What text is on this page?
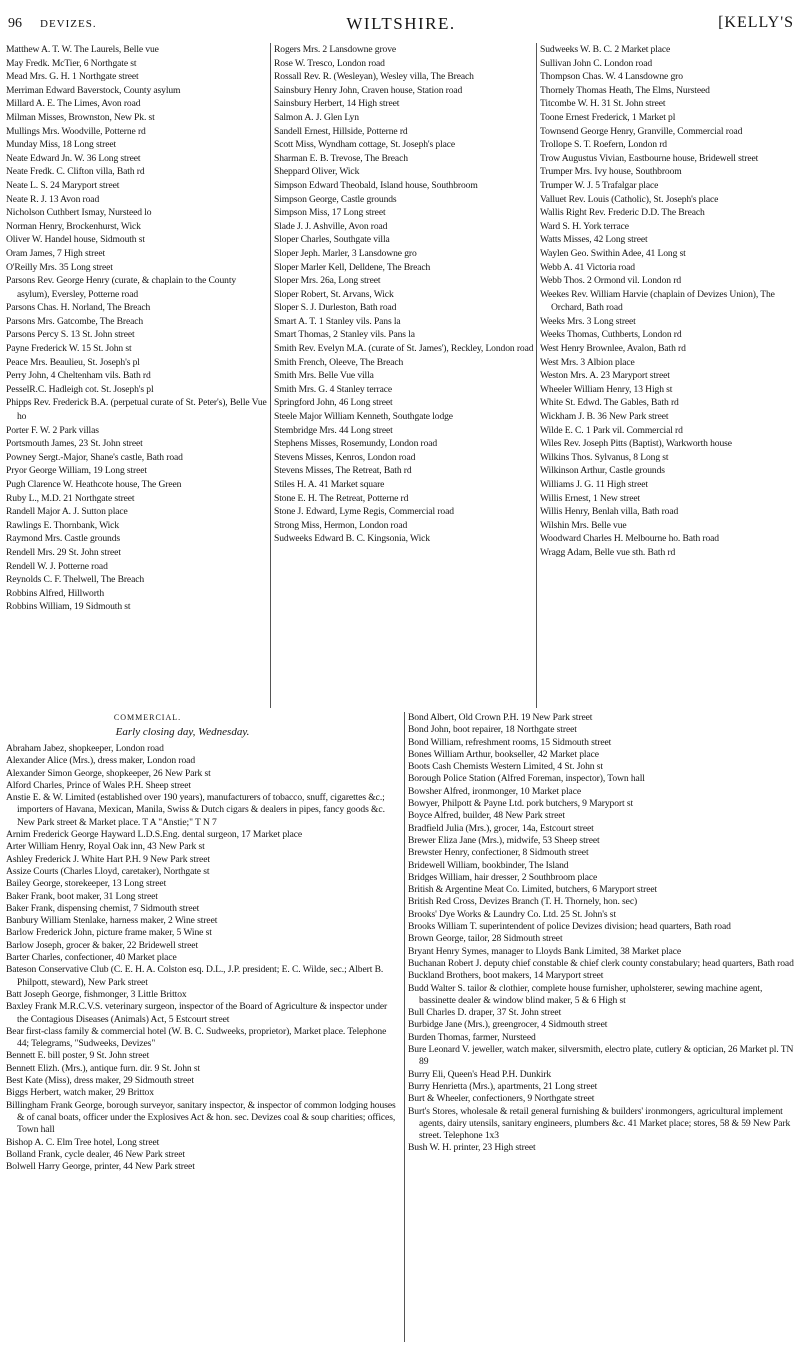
96 DEVIZES.	WILTSHIRE.	[KELLY'S
Matthew A. T. W. The Laurels, Belle vue
May Fredk. McTier, 6 Northgate st
Mead Mrs. G. H. 1 Northgate street
Merriman Edward Baverstock, County asylum
Millard A. E. The Limes, Avon road
Milman Misses, Brownston, New Pk. st
Mullings Mrs. Woodville, Potterne rd
Munday Miss, 18 Long street
Neate Edward Jn. W. 36 Long street
Neate Fredk. C. Clifton villa, Bath rd
Neate L. S. 24 Maryport street
Neate R. J. 13 Avon road
Nicholson Cuthbert Ismay, Nursteed lo
Norman Henry, Brockenhurst, Wick
Oliver W. Handel house, Sidmouth st
Oram James, 7 High street
O'Reilly Mrs. 35 Long street
Parsons Rev. George Henry (curate, & chaplain to the County asylum), Eversley, Potterne road
Parsons Chas. H. Norland, The Breach
Parsons Mrs. Gatcombe, The Breach
Parsons Percy S. 13 St. John street
Payne Frederick W. 15 St. John st
Peace Mrs. Beaulieu, St. Joseph's pl
Perry John, 4 Cheltenham vils. Bath rd
PesselR.C. Hadleigh cot. St. Joseph's pl
Phipps Rev. Frederick B.A. (perpetual curate of St. Peter's), Belle Vue ho
Porter F. W. 2 Park villas
Portsmouth James, 23 St. John street
Powney Sergt.-Major, Shane's castle, Bath road
Pryor George William, 19 Long street
Pugh Clarence W. Heathcote house, The Green
Ruby L., M.D. 21 Northgate street
Randell Major A. J. Sutton place
Rawlings E. Thornbank, Wick
Raymond Mrs. Castle grounds
Rendell Mrs. 29 St. John street
Rendell W. J. Potterne road
Reynolds C. F. Thelwell, The Breach
Robbins Alfred, Hillworth
Robbins William, 19 Sidmouth st
Rogers Mrs. 2 Lansdowne grove
Rose W. Tresco, London road
Rossall Rev. R. (Wesleyan), Wesley villa, The Breach
Sainsbury Henry John, Craven house, Station road
Sainsbury Herbert, 14 High street
Salmon A. J. Glen Lyn
Sandell Ernest, Hillside, Potterne rd
Scott Miss, Wyndham cottage, St. Joseph's place
Sharman E. B. Trevose, The Breach
Sheppard Oliver, Wick
Simpson Edward Theobald, Island house, Southbroom
Simpson George, Castle grounds
Simpson Miss, 17 Long street
Slade J. J. Ashville, Avon road
Sloper Charles, Southgate villa
Sloper Jeph. Marler, 3 Lansdowne gro
Sloper Marler Kell, Delldene, The Breach
Sloper Mrs. 26a, Long street
Sloper Robert, St. Arvans, Wick
Sloper S. J. Durleston, Bath road
Smart A. T. 1 Stanley vils. Pans la
Smart Thomas, 2 Stanley vils. Pans la
Smith Rev. Evelyn M.A. (curate of St. James'), Reckley, London road
Smith French, Oleeve, The Breach
Smith Mrs. Belle Vue villa
Smith Mrs. G. 4 Stanley terrace
Springford John, 46 Long street
Steele Major William Kenneth, Southgate lodge
Stembridge Mrs. 44 Long street
Stephens Misses, Rosemundy, London road
Stevens Misses, Kenros, London road
Stevens Misses, The Retreat, Bath rd
Stiles H. A. 41 Market square
Stone E. H. The Retreat, Potterne rd
Stone J. Edward, Lyme Regis, Commercial road
Strong Miss, Hermon, London road
Sudweeks Edward B. C. Kingsonia, Wick
Sudweeks W. B. C. 2 Market place
Sullivan John C. London road
Thompson Chas. W. 4 Lansdowne gro
Thornely Thomas Heath, The Elms, Nursteed
Titcombe W. H. 31 St. John street
Toone Ernest Frederick, 1 Market pl
Townsend George Henry, Granville, Commercial road
Trollope S. T. Roefern, London rd
Trow Augustus Vivian, Eastbourne house, Bridewell street
Trumper Mrs. Ivy house, Southbroom
Trumper W. J. 5 Trafalgar place
Valluet Rev. Louis (Catholic), St. Joseph's place
Wallis Right Rev. Frederic D.D. The Breach
Ward S. H. York terrace
Watts Misses, 42 Long street
Waylen Geo. Swithin Adee, 41 Long st
Webb A. 41 Victoria road
Webb Thos. 2 Ormond vil. London rd
Weekes Rev. William Harvie (chaplain of Devizes Union), The Orchard, Bath road
Weeks Mrs. 3 Long street
Weeks Thomas, Cuthberts, London rd
West Henry Brownlee, Avalon, Bath rd
West Mrs. 3 Albion place
Weston Mrs. A. 23 Maryport street
Wheeler William Henry, 13 High st
White St. Edwd. The Gables, Bath rd
Wickham J. B. 36 New Park street
Wilde E. C. 1 Park vil. Commercial rd
Wiles Rev. Joseph Pitts (Baptist), Warkworth house
Wilkins Thos. Sylvanus, 8 Long st
Wilkinson Arthur, Castle grounds
Williams J. G. 11 High street
Willis Ernest, 1 New street
Willis Henry, Benlah villa, Bath road
Wilshin Mrs. Belle vue
Woodward Charles H. Melbourne ho. Bath road
Wragg Adam, Belle vue sth. Bath rd
COMMERCIAL.
Early closing day, Wednesday.
Abraham Jabez, shopkeeper, London road
Alexander Alice (Mrs.), dress maker, London road
Alexander Simon George, shopkeeper, 26 New Park st
Alford Charles, Prince of Wales P.H. Sheep street
Anstie E. & W. Limited (established over 190 years), manufacturers of tobacco, snuff, cigarettes &c.; importers of Havana, Mexican, Manila, Swiss & Dutch cigars & dealers in pipes, fancy goods &c. New Park street & Market place. T A "Anstie;" T N 7
Arnim Frederick George Hayward L.D.S.Eng. dental surgeon, 17 Market place
Arter William Henry, Royal Oak inn, 43 New Park st
Ashley Frederick J. White Hart P.H. 9 New Park street
Assize Courts (Charles Lloyd, caretaker), Northgate st
Bailey George, storekeeper, 13 Long street
Baker Frank, boot maker, 31 Long street
Baker Frank, dispensing chemist, 7 Sidmouth street
Banbury William Stenlake, harness maker, 2 Wine street
Barlow Frederick John, picture frame maker, 5 Wine st
Barlow Joseph, grocer & baker, 22 Bridewell street
Barter Charles, confectioner, 40 Market place
Bateson Conservative Club (C. E. H. A. Colston esq. D.L., J.P. president; E. C. Wilde, sec.; Albert B. Philpott, steward), New Park street
Batt Joseph George, fishmonger, 3 Little Brittox
Baxley Frank M.R.C.V.S. veterinary surgeon, inspector of the Board of Agriculture & inspector under the Contagious Diseases (Animals) Act, 5 Estcourt street
Bear first-class family & commercial hotel (W. B. C. Sudweeks, proprietor), Market place. Telephone 44; Telegrams, "Sudweeks, Devizes"
Bennett E. bill poster, 9 St. John street
Bennett Elizh. (Mrs.), antique furn. dir. 9 St. John st
Best Kate (Miss), dress maker, 29 Sidmouth street
Biggs Herbert, watch maker, 29 Brittox
Billingham Frank George, borough surveyor, sanitary inspector, & inspector of common lodging houses & of canal boats, officer under the Explosives Act & hon. sec. Devizes coal & soup charities; offices, Town hall
Bishop A. C. Elm Tree hotel, Long street
Bolland Frank, cycle dealer, 46 New Park street
Bolwell Harry George, printer, 44 New Park street
Bond Albert, Old Crown P.H. 19 New Park street
Bond John, boot repairer, 18 Northgate street
Bond William, refreshment rooms, 15 Sidmouth street
Bones William Arthur, bookseller, 42 Market place
Boots Cash Chemists Western Limited, 4 St. John st
Borough Police Station (Alfred Foreman, inspector), Town hall
Bowsher Alfred, ironmonger, 10 Market place
Bowyer, Philpott & Payne Ltd. pork butchers, 9 Maryport st
Boyce Alfred, builder, 48 New Park street
Bradfield Julia (Mrs.), grocer, 14a, Estcourt street
Brewer Eliza Jane (Mrs.), midwife, 53 Sheep street
Brewster Henry, confectioner, 8 Sidmouth street
Bridewell William, bookbinder, The Island
Bridges William, hair dresser, 2 Southbroom place
British & Argentine Meat Co. Limited, butchers, 6 Maryport street
British Red Cross, Devizes Branch (T. H. Thornely, hon. sec)
Brooks' Dye Works & Laundry Co. Ltd. 25 St. John's st
Brooks William T. superintendent of police Devizes division; head quarters, Bath road
Brown George, tailor, 28 Sidmouth street
Bryant Henry Symes, manager to Lloyds Bank Limited, 38 Market place
Buchanan Robert J. deputy chief constable & chief clerk county constabulary; head quarters, Bath road
Buckland Brothers, boot makers, 14 Maryport street
Budd Walter S. tailor & clothier, complete house furnisher, upholsterer, sewing machine agent, bassinette dealer & window blind maker, 5 & 6 High st
Bull Charles D. draper, 37 St. John street
Burbidge Jane (Mrs.), greengrocer, 4 Sidmouth street
Burden Thomas, farmer, Nursteed
Bure Leonard V. jeweller, watch maker, silversmith, electro plate, cutlery & optician, 26 Market pl. TN 89
Burry Eli, Queen's Head P.H. Dunkirk
Burry Henrietta (Mrs.), apartments, 21 Long street
Burt & Wheeler, confectioners, 9 Northgate street
Burt's Stores, wholesale & retail general furnishing & builders' ironmongers, agricultural implement agents, dairy utensils, sanitary engineers, plumbers &c. 41 Market place; stores, 58 & 59 New Park street. Telephone 1x3
Bush W. H. printer, 23 High street
